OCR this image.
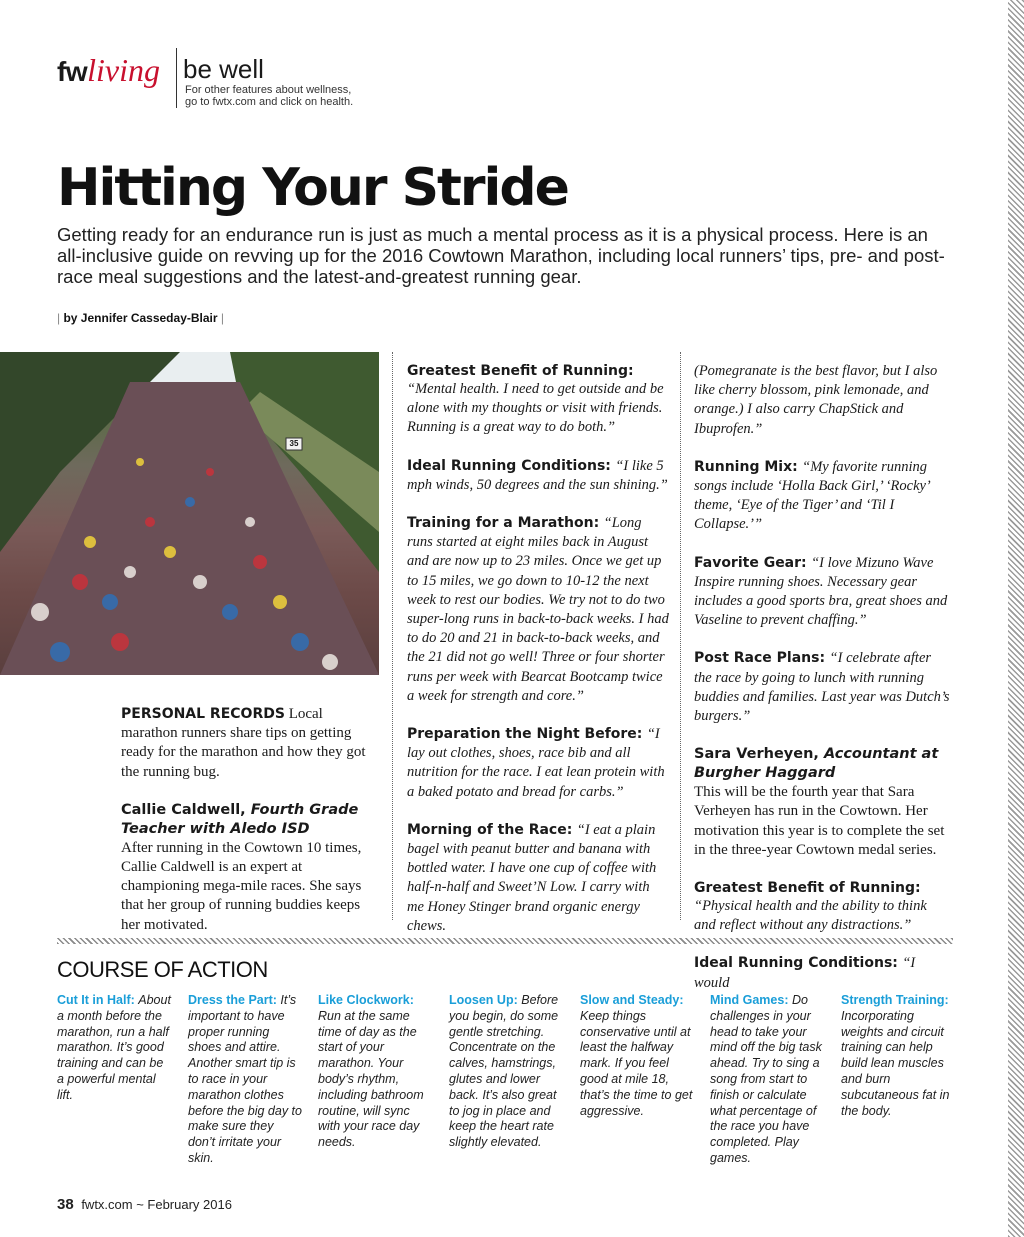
fwliving be well
For other features about wellness,
go to fwtx.com and click on health.
Hitting Your Stride

Getting ready for an endurance run is just as much a mental process as it is a physical process. Here is an all-inclusive guide on revving up for the 2016 Cowtown Marathon, including local runners’ tips, pre- and post-race meal suggestions and the latest-and-greatest running gear.

| by Jennifer Casseday-Blair |
35

PERSONAL RECORDS Local marathon runners share tips on getting ready for the marathon and how they got the running bug.

Callie Caldwell, Fourth Grade Teacher with Aledo ISD

After running in the Cowtown 10 times, Callie Caldwell is an expert at championing mega-mile races. She says that her group of running buddies keeps her motivated.

Greatest Benefit of Running: “Mental health. I need to get outside and be alone with my thoughts or visit with friends. Running is a great way to do both.”

Ideal Running Conditions: “I like 5 mph winds, 50 degrees and the sun shining.”

Training for a Marathon: “Long runs started at eight miles back in August and are now up to 23 miles. Once we get up to 15 miles, we go down to 10-12 the next week to rest our bodies. We try not to do two super-long runs in back-to-back weeks. I had to do 20 and 21 in back-to-back weeks, and the 21 did not go well! Three or four shorter runs per week with Bearcat Bootcamp twice a week for strength and core.”

Preparation the Night Before: “I lay out clothes, shoes, race bib and all nutrition for the race. I eat lean protein with a baked potato and bread for carbs.”

Morning of the Race: “I eat a plain bagel with peanut butter and banana with bottled water. I have one cup of coffee with half-n-half and Sweet’N Low. I carry with me Honey Stinger brand organic energy chews.

(Pomegranate is the best flavor, but I also like cherry blossom, pink lemonade, and orange.) I also carry ChapStick and Ibuprofen.”

Running Mix: “My favorite running songs include ‘Holla Back Girl,’ ‘Rocky’ theme, ‘Eye of the Tiger’ and ‘Til I Collapse.’”

Favorite Gear: “I love Mizuno Wave Inspire running shoes. Necessary gear includes a good sports bra, great shoes and Vaseline to prevent chaffing.”

Post Race Plans: “I celebrate after the race by going to lunch with running buddies and families. Last year was Dutch’s burgers.”

Sara Verheyen, Accountant at Burgher Haggard

This will be the fourth year that Sara Verheyen has run in the Cowtown. Her motivation this year is to complete the set in the three-year Cowtown medal series.

Greatest Benefit of Running: “Physical health and the ability to think and reflect without any distractions.”

Ideal Running Conditions: “I would

COURSE OF ACTION
Cut It in Half: About a month before the marathon, run a half marathon. It’s good training and can be a powerful mental lift.
Dress the Part: It’s important to have proper running shoes and attire. Another smart tip is to race in your marathon clothes before the big day to make sure they don’t irritate your skin.
Like Clockwork: Run at the same time of day as the start of your marathon. Your body’s rhythm, including bathroom routine, will sync with your race day needs.
Loosen Up: Before you begin, do some gentle stretching. Concentrate on the calves, hamstrings, glutes and lower back. It’s also great to jog in place and keep the heart rate slightly elevated.
Slow and Steady: Keep things conservative until at least the halfway mark. If you feel good at mile 18, that’s the time to get aggressive.
Mind Games: Do challenges in your head to take your mind off the big task ahead. Try to sing a song from start to finish or calculate what percentage of the race you have completed. Play games.
Strength Training: Incorporating weights and circuit training can help build lean muscles and burn subcutaneous fat in the body.
38 fwtx.com ~ February 2016
